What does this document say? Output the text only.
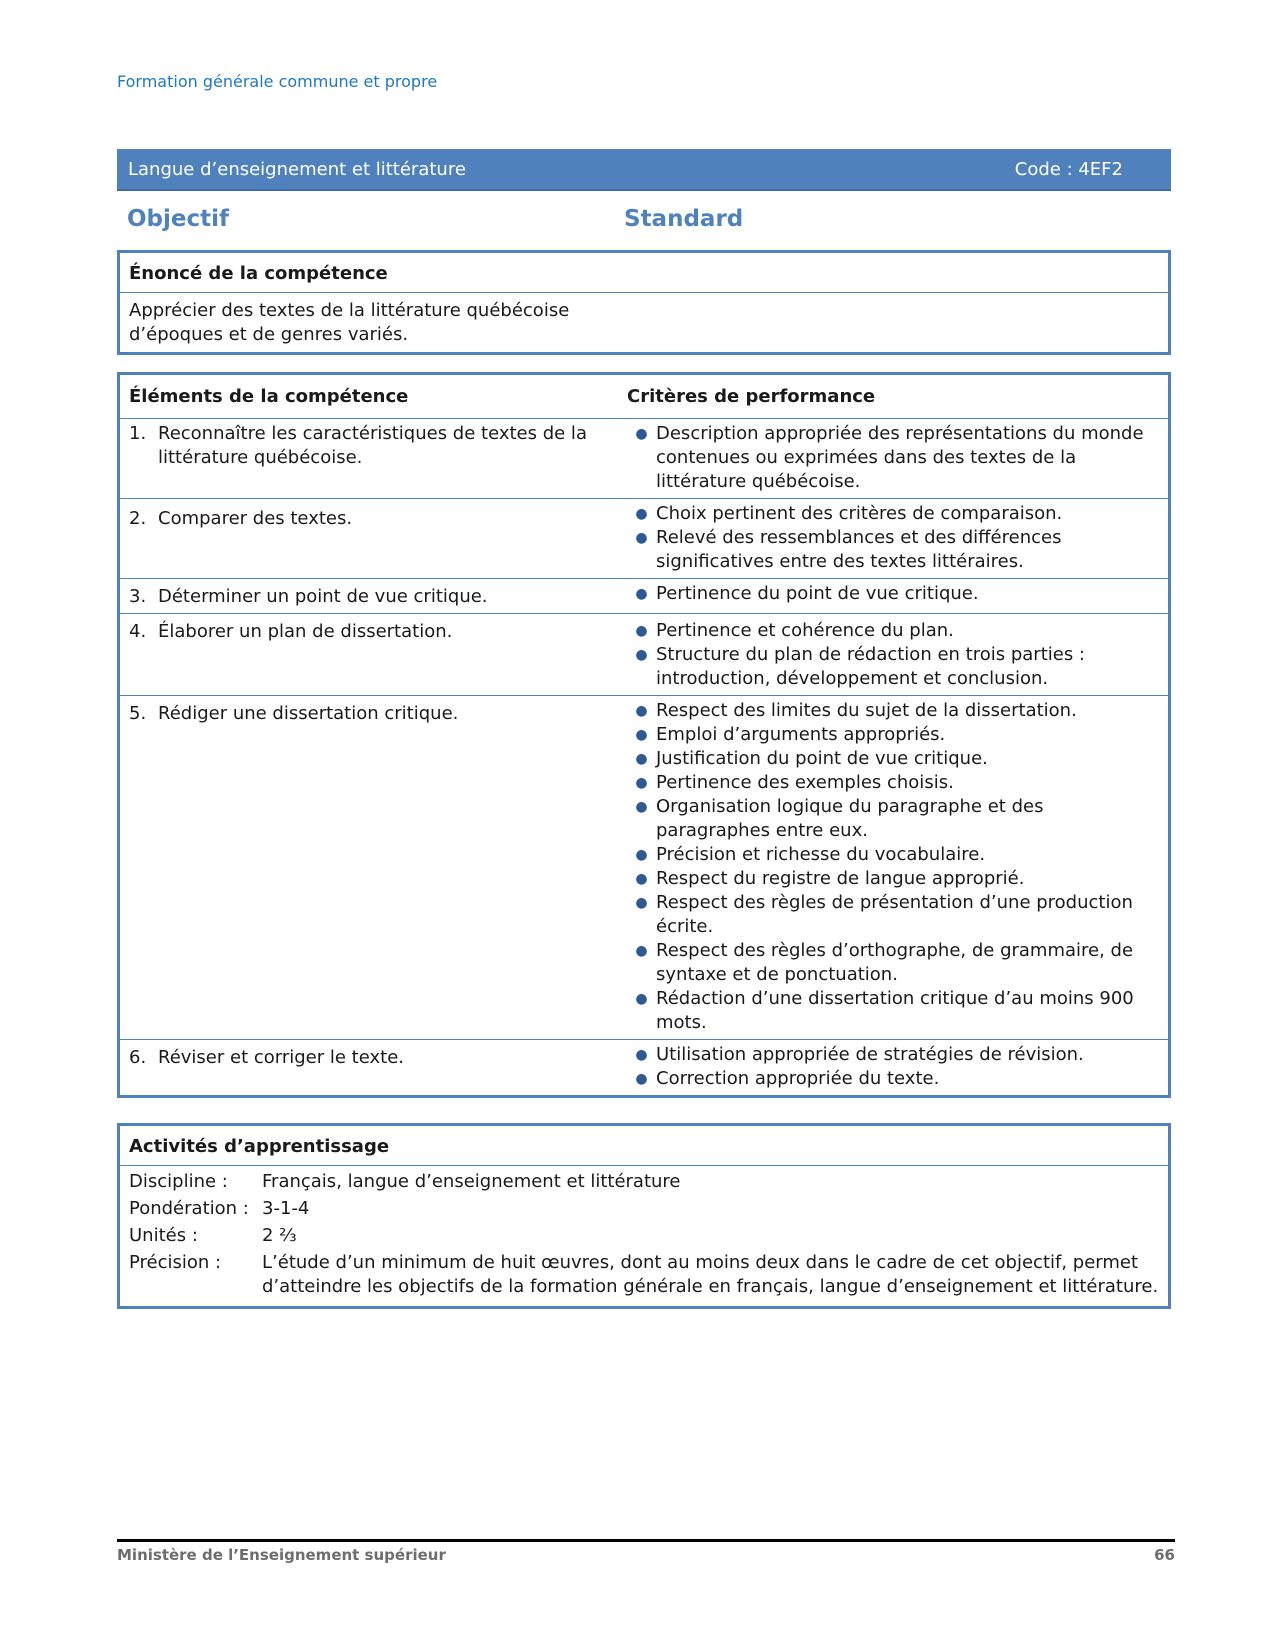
Formation générale commune et propre
Langue d’enseignement et littérature	Code : 4EF2
Objectif	Standard
Énoncé de la compétence
Apprécier des textes de la littérature québécoise
d’époques et de genres variés.
Éléments de la compétence	Critères de performance
1. Reconnaître les caractéristiques de textes de la littérature québécoise.
● Description appropriée des représentations du monde contenues ou exprimées dans des textes de la littérature québécoise.
2. Comparer des textes.	● Choix pertinent des critères de comparaison.
● Relevé des ressemblances et des différences significatives entre des textes littéraires.
3. Déterminer un point de vue critique.	● Pertinence du point de vue critique.
4. Élaborer un plan de dissertation.	● Pertinence et cohérence du plan.
● Structure du plan de rédaction en trois parties : introduction, développement et conclusion.
5. Rédiger une dissertation critique.	● Respect des limites du sujet de la dissertation.
● Emploi d’arguments appropriés.
● Justification du point de vue critique.
● Pertinence des exemples choisis.
● Organisation logique du paragraphe et des paragraphes entre eux.
● Précision et richesse du vocabulaire.
● Respect du registre de langue approprié.
● Respect des règles de présentation d’une production écrite.
● Respect des règles d’orthographe, de grammaire, de syntaxe et de ponctuation.
● Rédaction d’une dissertation critique d’au moins 900 mots.
6. Réviser et corriger le texte.	● Utilisation appropriée de stratégies de révision.
● Correction appropriée du texte.
Activités d’apprentissage
Discipline :	Français, langue d’enseignement et littérature
Pondération : 3-1-4
Unités :	2 ⅔
Précision :	L’étude d’un minimum de huit œuvres, dont au moins deux dans le cadre de cet objectif, permet d’atteindre les objectifs de la formation générale en français, langue d’enseignement et littérature.
Ministère de l’Enseignement supérieur	66
